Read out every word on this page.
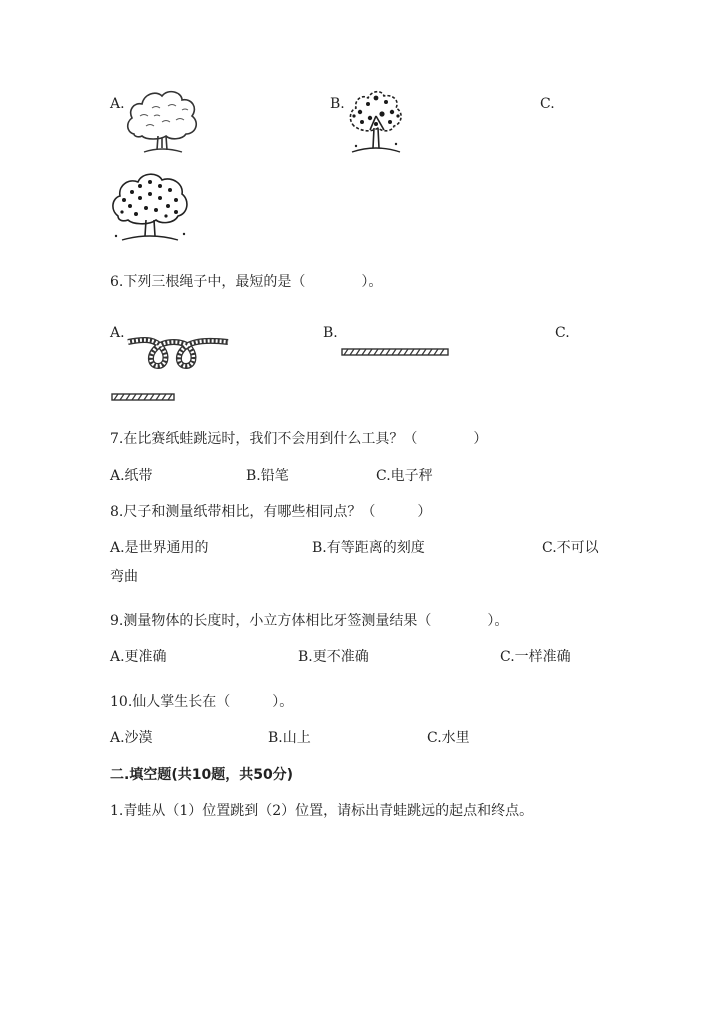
A.	B.	C.
6.下列三根绳子中，最短的是（　　　　）。
A.	B.	C.
7.在比赛纸蛙跳远时，我们不会用到什么工具？（　　　　）
A.纸带	B.铅笔	C.电子秤
8.尺子和测量纸带相比，有哪些相同点？（　　　）
A.是世界通用的	B.有等距离的刻度	C.不可以
弯曲
9.测量物体的长度时，小立方体相比牙签测量结果（　　　　）。
A.更准确	B.更不准确	C.一样准确
10.仙人掌生长在（　　　）。
A.沙漠	B.山上	C.水里
二.填空题(共10题，共50分)
1.青蛙从（1）位置跳到（2）位置，请标出青蛙跳远的起点和终点。
